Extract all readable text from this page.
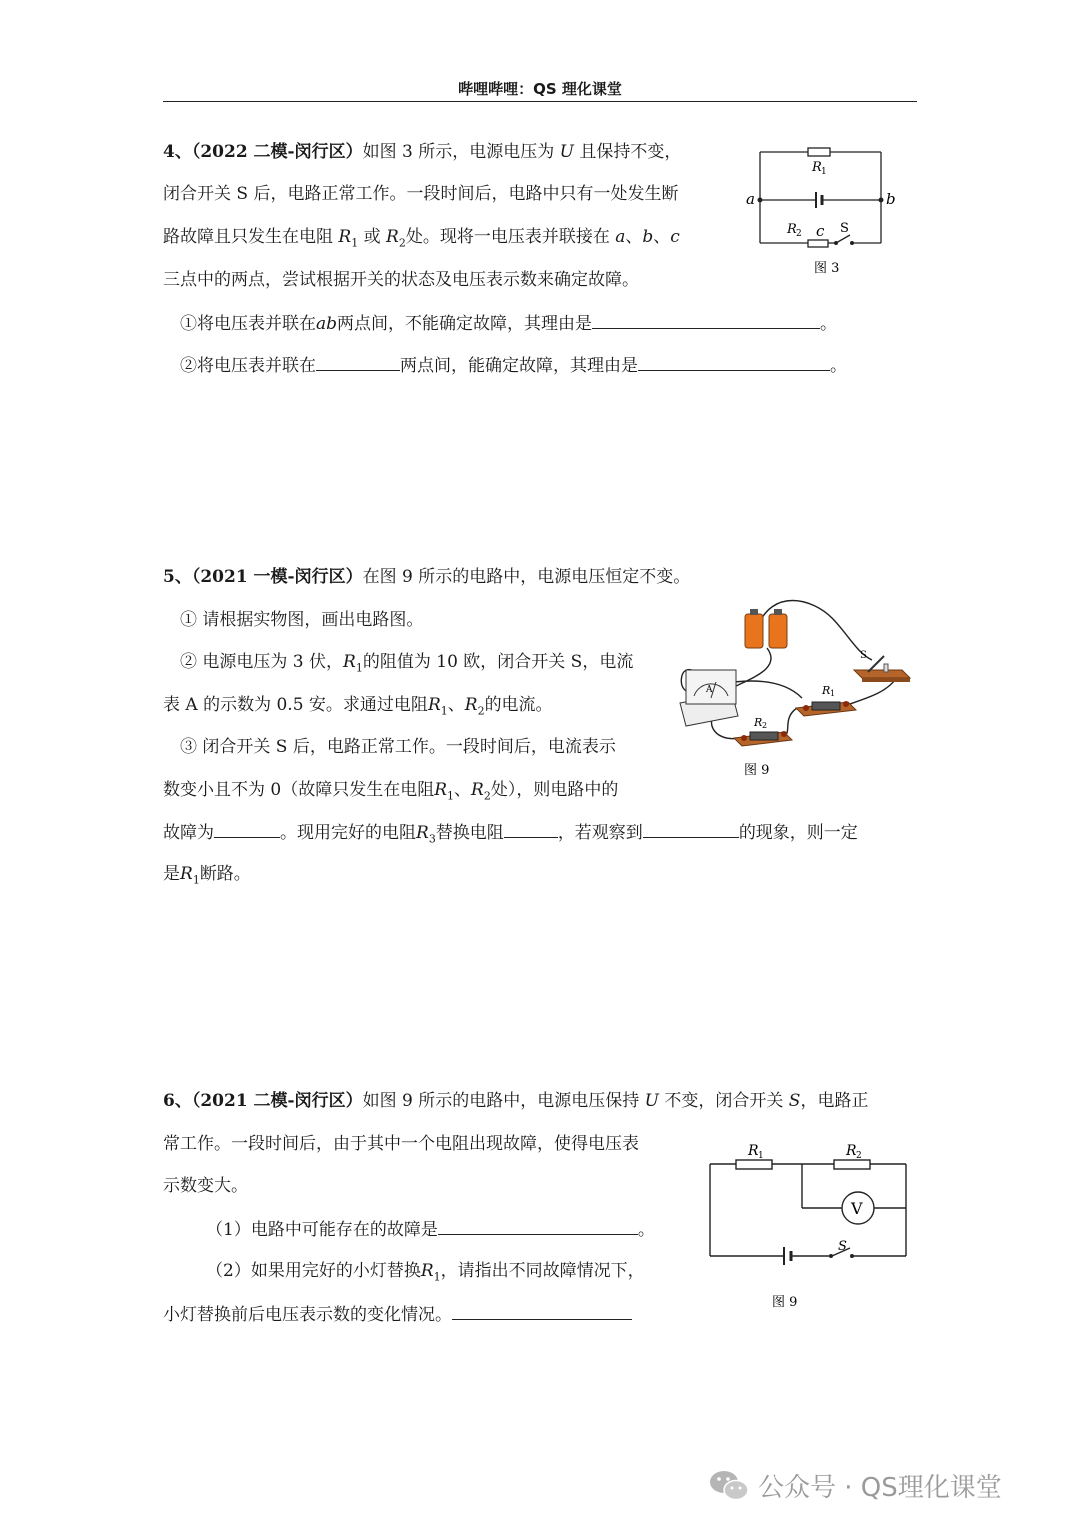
哔哩哔哩：QS 理化课堂
4、（2022 二模-闵行区）如图 3 所示，电源电压为 U 且保持不变，
闭合开关 S 后，电路正常工作。一段时间后，电路中只有一处发生断
路故障且只发生在电阻 $R_1$ 或 $R_2$处。现将一电压表并联接在 a、b、c
三点中的两点，尝试根据开关的状态及电压表示数来确定故障。
①将电压表并联在ab两点间，不能确定故障，其理由是	。
②将电压表并联在	两点间，能确定故障，其理由是	。
R 1
a	b
R 2 c S
图 3
5、（2021 一模-闵行区）在图 9 所示的电路中，电源电压恒定不变。
① 请根据实物图，画出电路图。
② 电源电压为 3 伏，$R_1$的阻值为 10 欧，闭合开关 S，电流
表 A 的示数为 0.5 安。求通过电阻$R_1$、$R_2$的电流。
③ 闭合开关 S 后，电路正常工作。一段时间后，电流表示
数变小且不为 0（故障只发生在电阻$R_1$、$R_2$处），则电路中的
故障为	。现用完好的电阻$R_3$替换电阻	，若观察到	的现象，则一定
是$R_1$断路。
S
A	R 1
R 2
图 9
6、（2021 二模-闵行区）如图 9 所示的电路中，电源电压保持 U 不变，闭合开关 S，电路正
常工作。一段时间后，由于其中一个电阻出现故障，使得电压表
示数变大。
（1）电路中可能存在的故障是	。
（2）如果用完好的小灯替换$R_1$，请指出不同故障情况下，
小灯替换前后电压表示数的变化情况。
R 1	R 2
V
S
图 9
公众号 · QS理化课堂
